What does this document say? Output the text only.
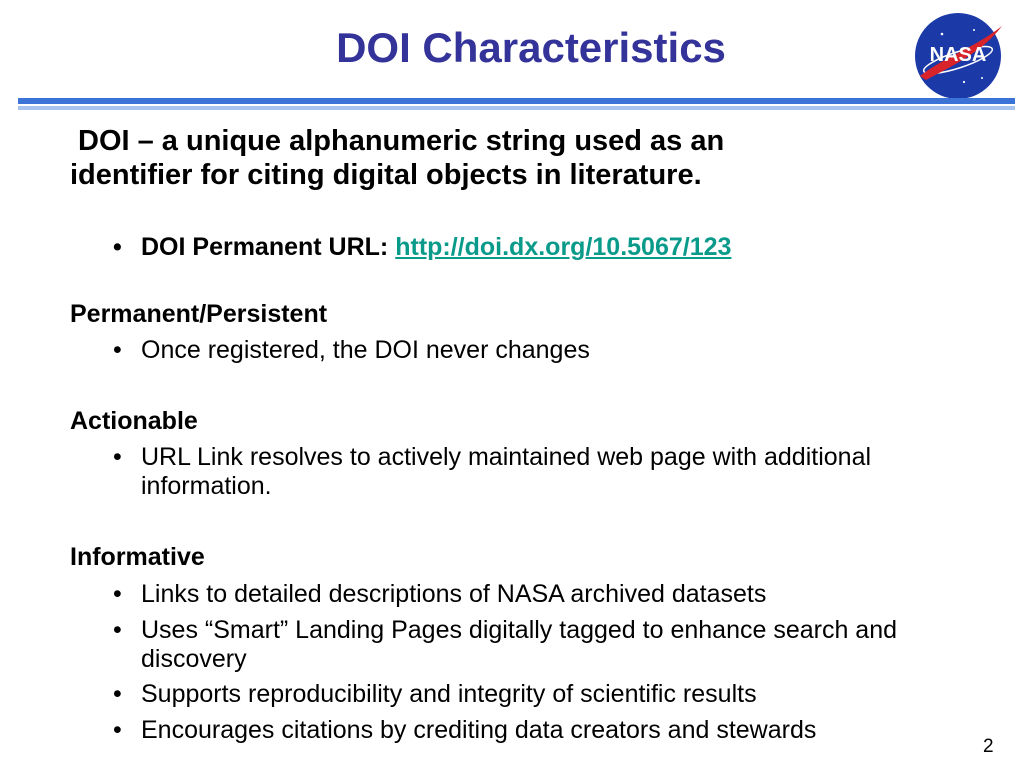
DOI Characteristics	NASA
DOI – a unique alphanumeric string used as an
identifier for citing digital objects in literature.
• DOI Permanent URL: http://doi.dx.org/10.5067/123
Permanent/Persistent
• Once registered, the DOI never changes
Actionable
• URL Link resolves to actively maintained web page with additional information.
Informative
• Links to detailed descriptions of NASA archived datasets
• Uses “Smart” Landing Pages digitally tagged to enhance search and discovery
• Supports reproducibility and integrity of scientific results
• Encourages citations by crediting data creators and stewards
2
